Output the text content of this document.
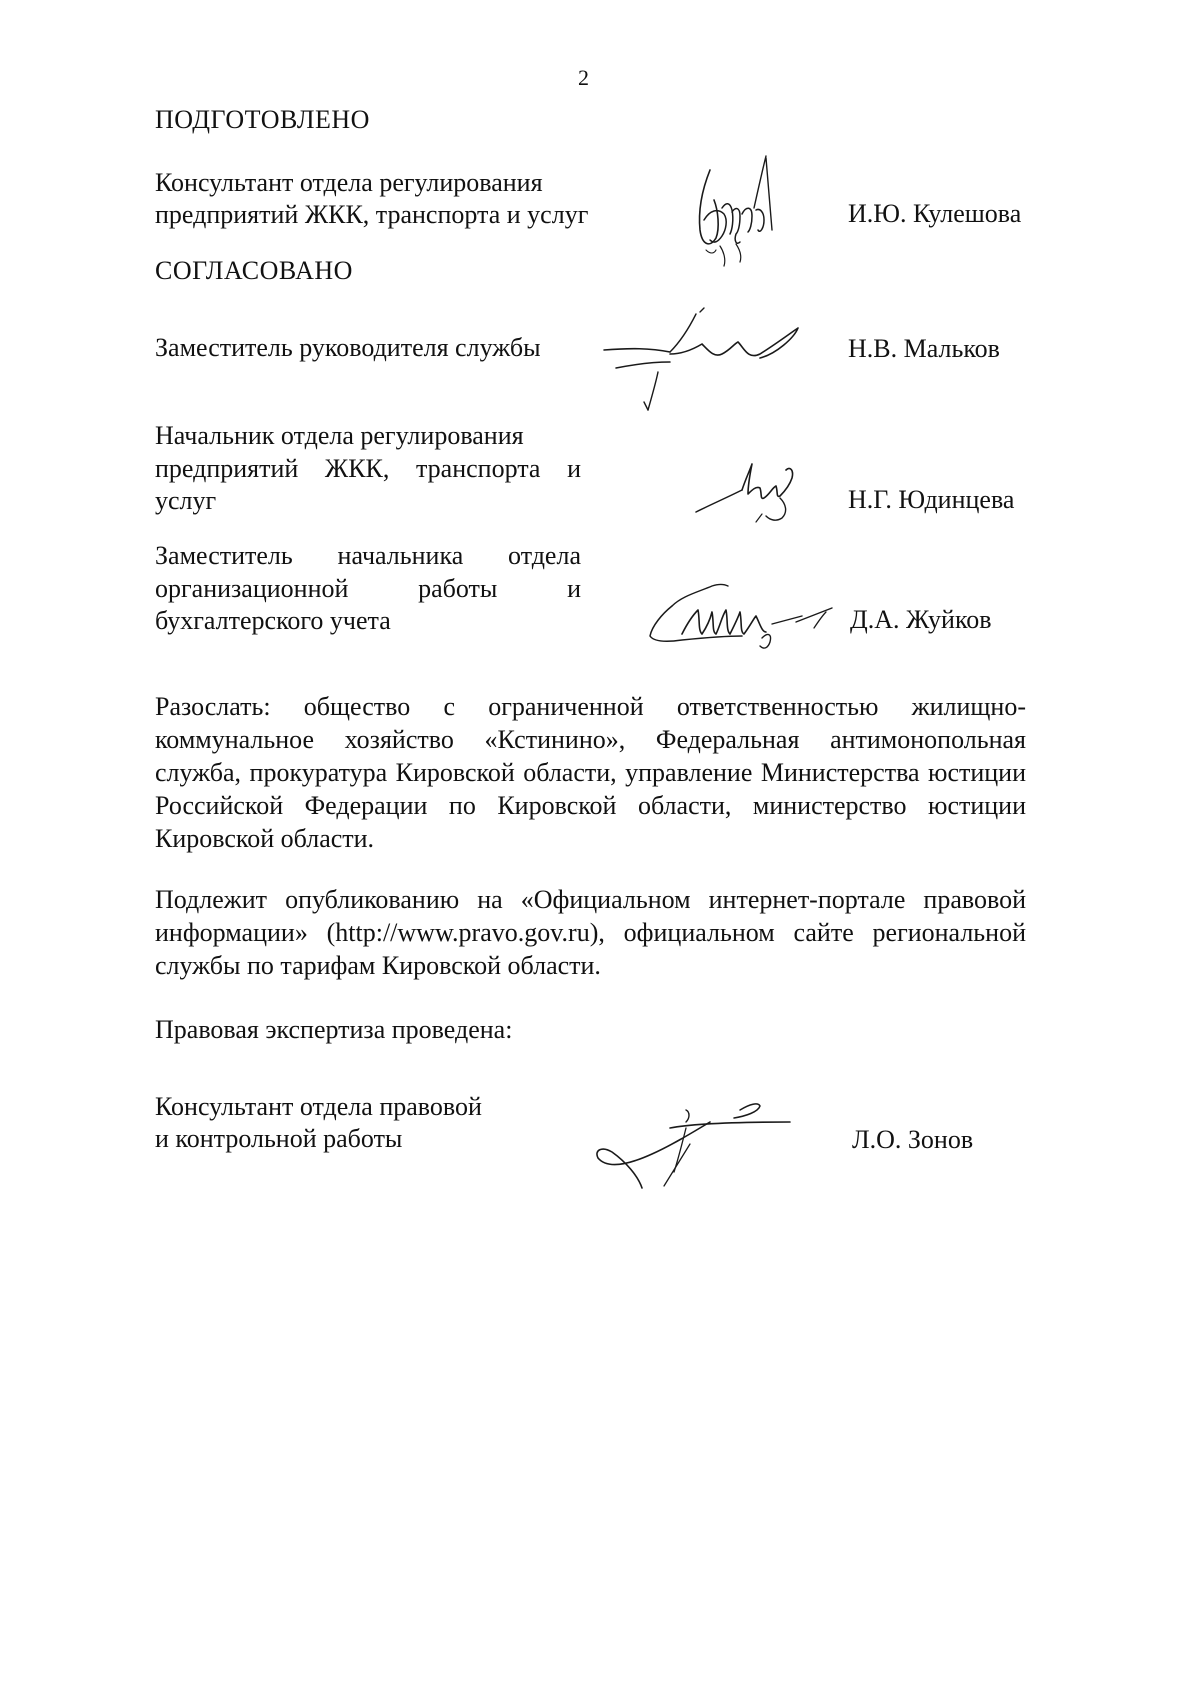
2
ПОДГОТОВЛЕНО
Консультант отдела регулирования
предприятий ЖКК, транспорта и услуг	И.Ю. Кулешова
СОГЛАСОВАНО
Заместитель руководителя службы	Н.В. Мальков
Начальник отдела регулирования
предприятий ЖКК, транспорта и
услуг	Н.Г. Юдинцева
Заместитель начальника отдела
организационной работы и
бухгалтерского учета	Д.А. Жуйков
Разослать: общество с ограниченной ответственностью жилищно-
коммунальное хозяйство «Кстинино», Федеральная антимонопольная
служба, прокуратура Кировской области, управление Министерства юстиции
Российской Федерации по Кировской области, министерство юстиции
Кировской области.
Подлежит опубликованию на «Официальном интернет-портале правовой
информации» (http://www.pravo.gov.ru), официальном сайте региональной
службы по тарифам Кировской области.
Правовая экспертиза проведена:
Консультант отдела правовой
и контрольной работы	Л.О. Зонов
